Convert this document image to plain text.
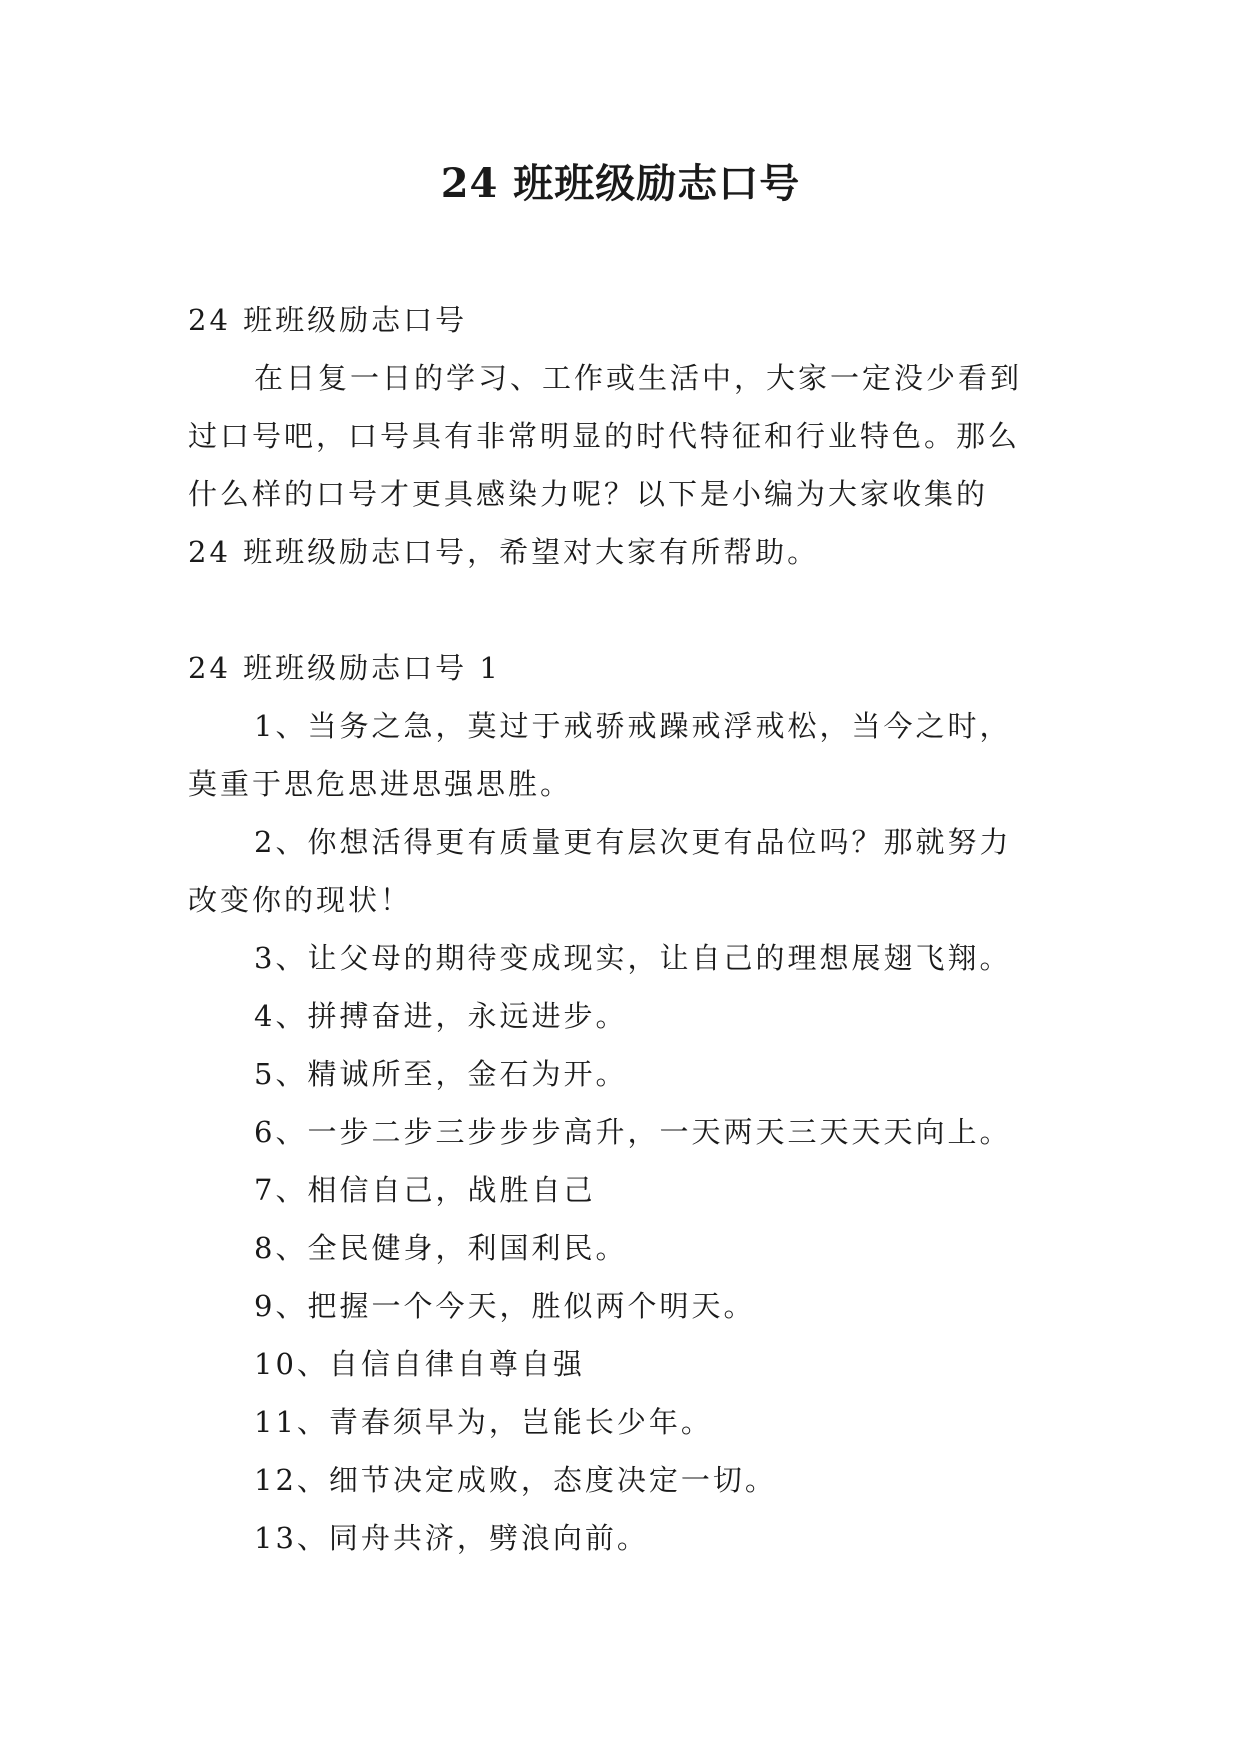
24 班班级励志口号

24 班班级励志口号

在日复一日的学习、工作或生活中，大家一定没少看到

过口号吧，口号具有非常明显的时代特征和行业特色。那么

什么样的口号才更具感染力呢？以下是小编为大家收集的

24 班班级励志口号，希望对大家有所帮助。

24 班班级励志口号 1

1、当务之急，莫过于戒骄戒躁戒浮戒松，当今之时，

莫重于思危思进思强思胜。

2、你想活得更有质量更有层次更有品位吗？那就努力

改变你的现状！

3、让父母的期待变成现实，让自己的理想展翅飞翔。

4、拼搏奋进，永远进步。

5、精诚所至，金石为开。

6、一步二步三步步步高升，一天两天三天天天向上。

7、相信自己，战胜自己

8、全民健身，利国利民。

9、把握一个今天，胜似两个明天。

10、自信自律自尊自强

11、青春须早为，岂能长少年。

12、细节决定成败，态度决定一切。

13、同舟共济，劈浪向前。
